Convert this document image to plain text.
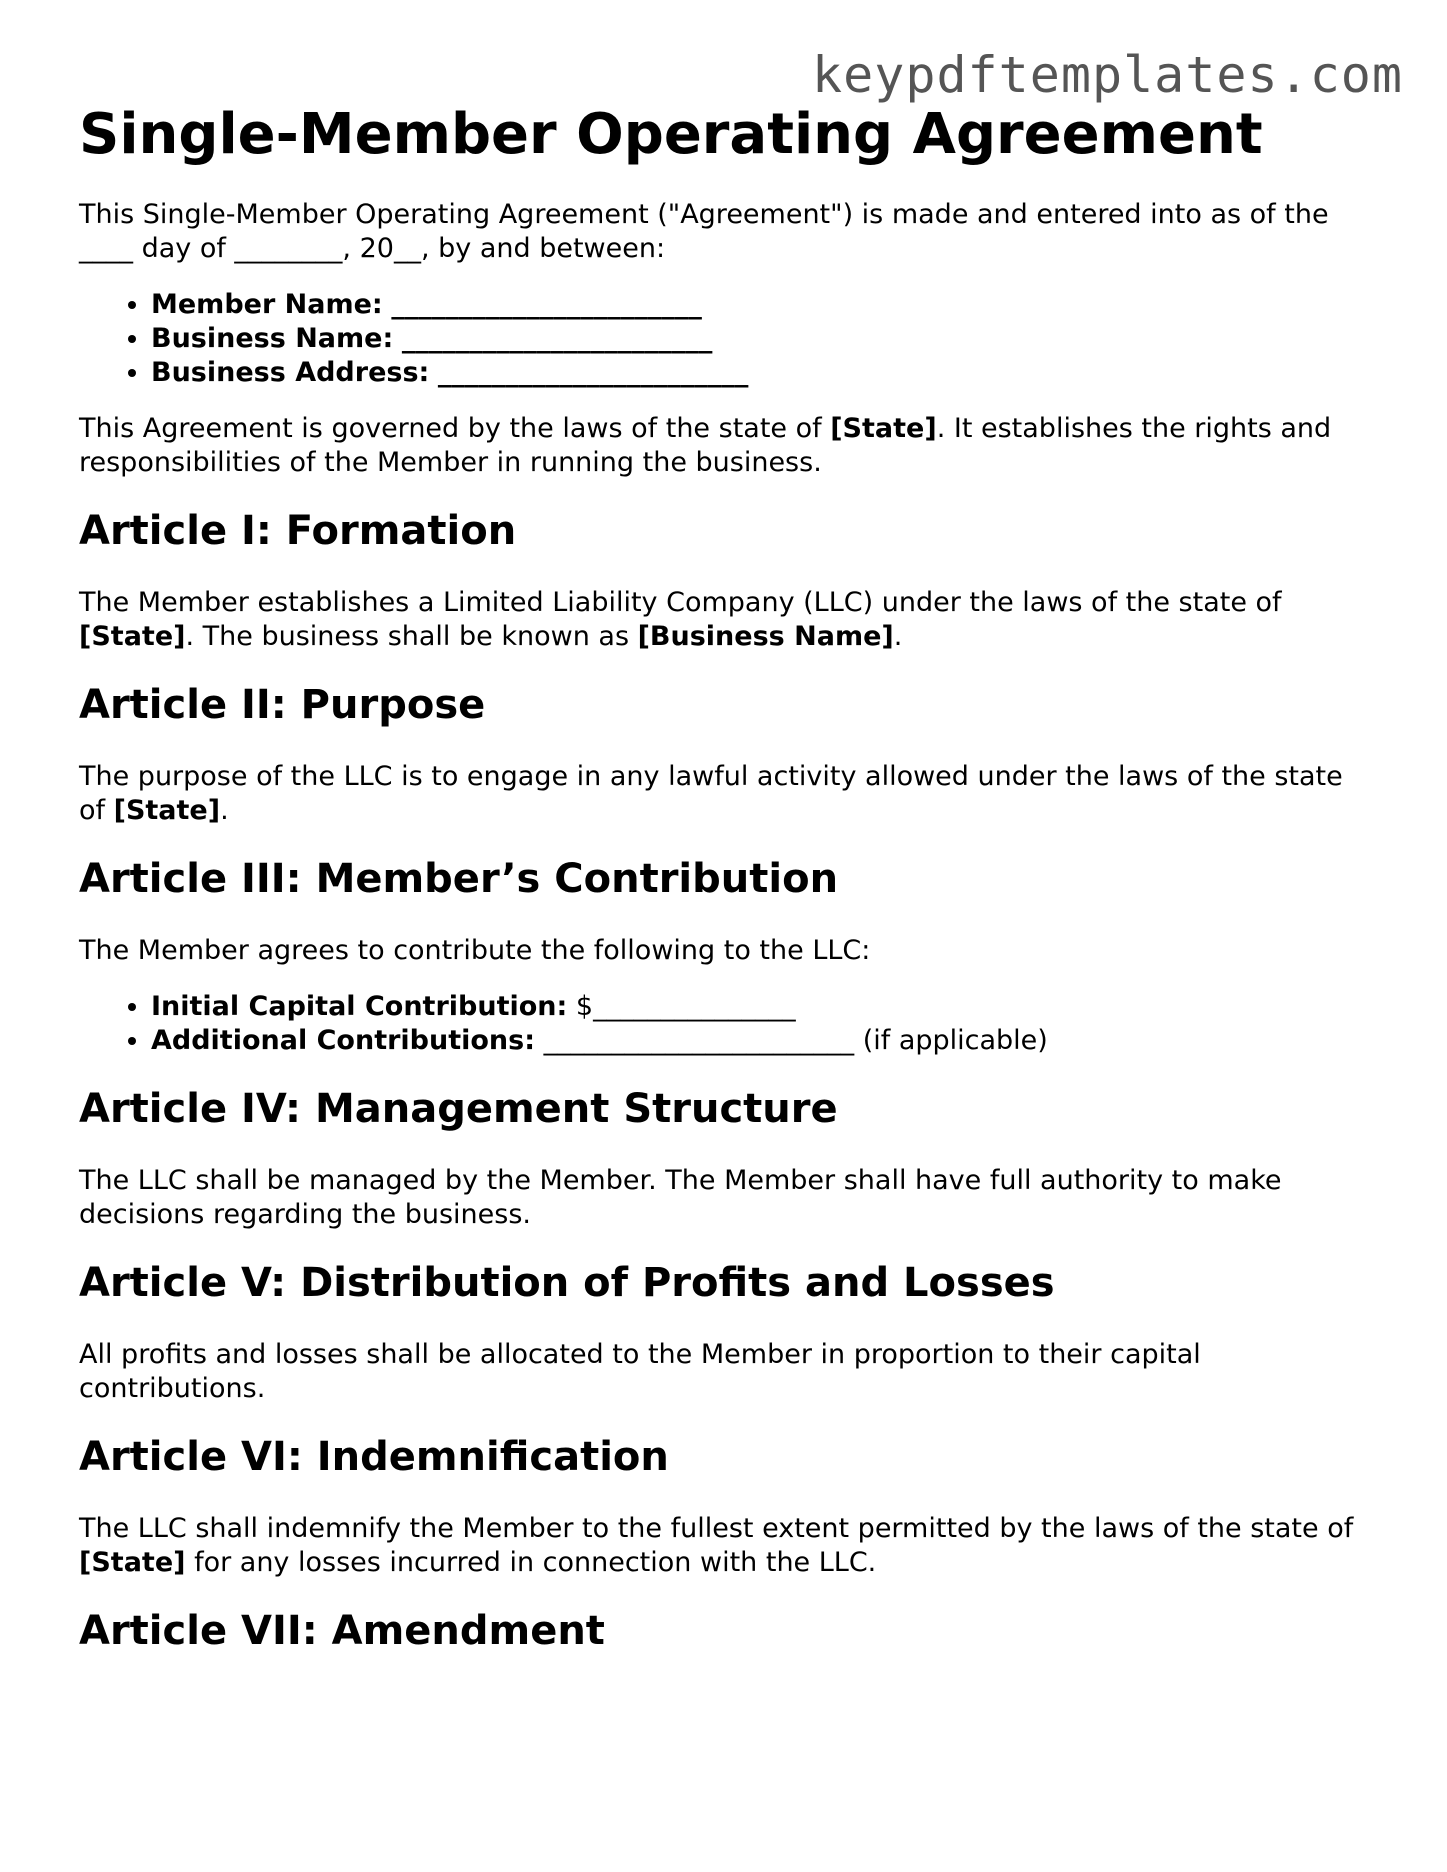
keypdftemplates.com
Single-Member Operating Agreement

This Single-Member Operating Agreement ("Agreement") is made and entered into as of the ____ day of ________, 20__, by and between:

• Member Name: _______________________
• Business Name: _______________________
• Business Address: _______________________

This Agreement is governed by the laws of the state of [State]. It establishes the rights and responsibilities of the Member in running the business.

Article I: Formation

The Member establishes a Limited Liability Company (LLC) under the laws of the state of [State]. The business shall be known as [Business Name].

Article II: Purpose

The purpose of the LLC is to engage in any lawful activity allowed under the laws of the state of [State].

Article III: Member’s Contribution

The Member agrees to contribute the following to the LLC:

• Initial Capital Contribution: $_______________
• Additional Contributions: _______________________ (if applicable)
Article IV: Management Structure

The LLC shall be managed by the Member. The Member shall have full authority to make decisions regarding the business.

Article V: Distribution of Profits and Losses

All profits and losses shall be allocated to the Member in proportion to their capital contributions.

Article VI: Indemnification

The LLC shall indemnify the Member to the fullest extent permitted by the laws of the state of [State] for any losses incurred in connection with the LLC.

Article VII: Amendment
